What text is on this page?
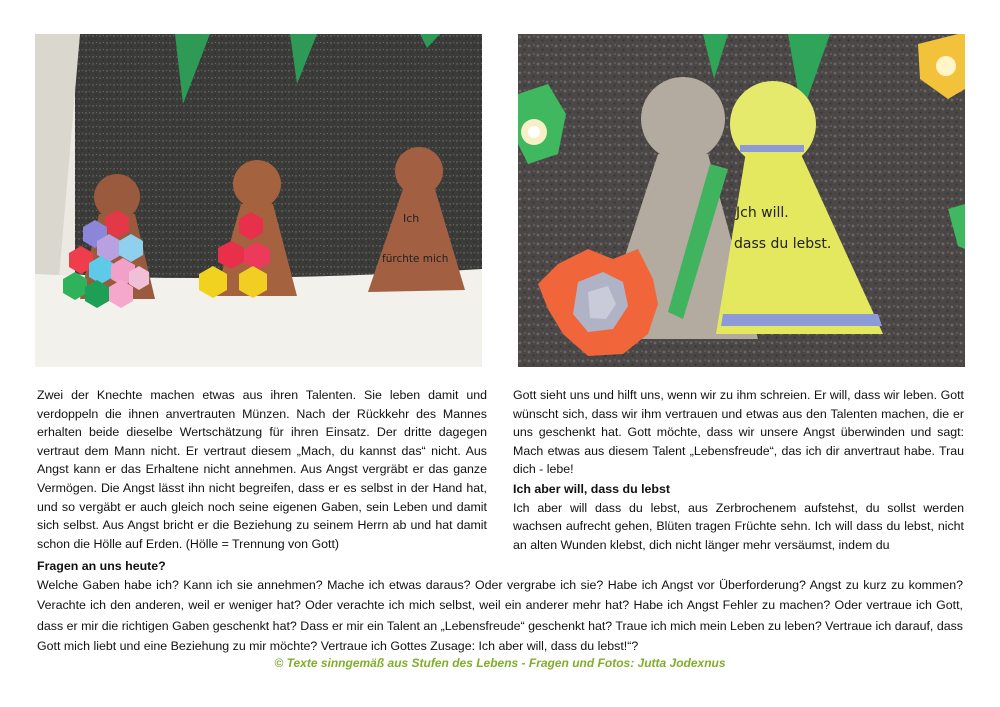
Ich
fürchte mich
Jch will.
dass du lebst.

Zwei der Knechte machen etwas aus ihren Talenten. Sie leben damit und verdoppeln die ihnen anvertrauten Münzen. Nach der Rückkehr des Mannes erhalten beide dieselbe Wertschätzung für ihren Einsatz. Der dritte dagegen vertraut dem Mann nicht. Er vertraut diesem „Mach, du kannst das“ nicht. Aus Angst kann er das Erhaltene nicht annehmen. Aus Angst vergräbt er das ganze Vermögen. Die Angst lässt ihn nicht begreifen, dass er es selbst in der Hand hat, und so vergäbt er auch gleich noch seine eigenen Gaben, sein Leben und damit sich selbst. Aus Angst bricht er die Beziehung zu seinem Herrn ab und hat damit schon die Hölle auf Erden. (Hölle = Trennung von Gott)

Gott sieht uns und hilft uns, wenn wir zu ihm schreien. Er will, dass wir leben. Gott wünscht sich, dass wir ihm vertrauen und etwas aus den Talenten machen, die er uns geschenkt hat. Gott möchte, dass wir unsere Angst überwinden und sagt: Mach etwas aus diesem Talent „Lebensfreude“, das ich dir anvertraut habe. Trau dich - lebe!

Ich aber will, dass du lebst

Ich aber will dass du lebst, aus Zerbrochenem aufstehst, du sollst werden wachsen aufrecht gehen, Blüten tragen Früchte sehn. Ich will dass du lebst, nicht an alten Wunden klebst, dich nicht länger mehr versäumst, indem du

Fragen an uns heute?

Welche Gaben habe ich? Kann ich sie annehmen? Mache ich etwas daraus? Oder vergrabe ich sie? Habe ich Angst vor Überforderung? Angst zu kurz zu kommen? Verachte ich den anderen, weil er weniger hat? Oder verachte ich mich selbst, weil ein anderer mehr hat? Habe ich Angst Fehler zu machen? Oder vertraue ich Gott, dass er mir die richtigen Gaben geschenkt hat? Dass er mir ein Talent an „Lebensfreude“ geschenkt hat? Traue ich mich mein Leben zu leben? Vertraue ich darauf, dass Gott mich liebt und eine Beziehung zu mir möchte? Vertraue ich Gottes Zusage: Ich aber will, dass du lebst!“?

© Texte sinngemäß aus Stufen des Lebens - Fragen und Fotos: Jutta Jodexnus
